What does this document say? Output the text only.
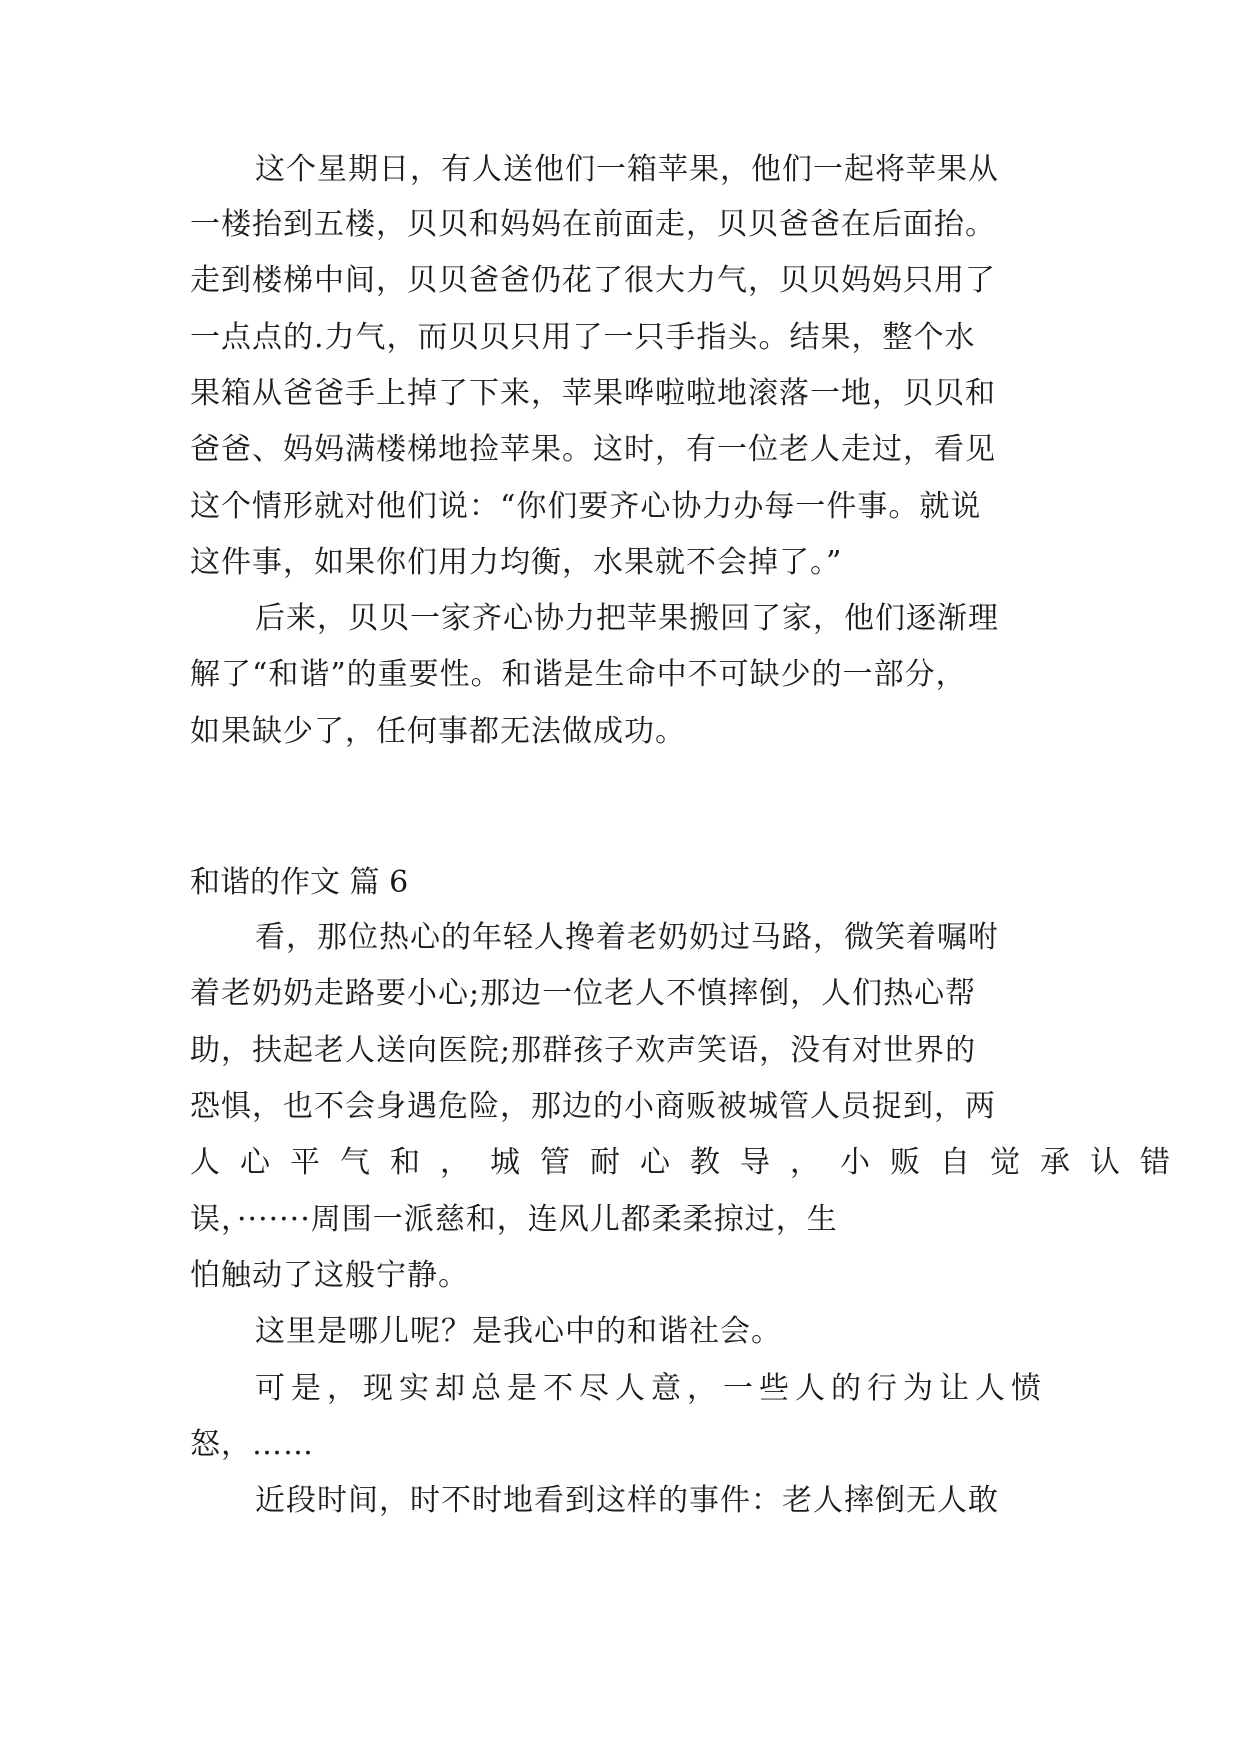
这个星期日，有人送他们一箱苹果，他们一起将苹果从

一楼抬到五楼，贝贝和妈妈在前面走，贝贝爸爸在后面抬。

走到楼梯中间，贝贝爸爸仍花了很大力气，贝贝妈妈只用了

一点点的.力气，而贝贝只用了一只手指头。结果，整个水

果箱从爸爸手上掉了下来，苹果哗啦啦地滚落一地，贝贝和

爸爸、妈妈满楼梯地捡苹果。这时，有一位老人走过，看见

这个情形就对他们说：“你们要齐心协力办每一件事。就说

这件事，如果你们用力均衡，水果就不会掉了。”

后来，贝贝一家齐心协力把苹果搬回了家，他们逐渐理

解了“和谐”的重要性。和谐是生命中不可缺少的一部分，

如果缺少了，任何事都无法做成功。

和谐的作文 篇 6

看，那位热心的年轻人搀着老奶奶过马路，微笑着嘱咐

着老奶奶走路要小心;那边一位老人不慎摔倒，人们热心帮

助，扶起老人送向医院;那群孩子欢声笑语，没有对世界的

恐惧，也不会身遇危险，那边的小商贩被城管人员捉到，两

人心平气和，城管耐心教导，小贩自觉承认错

误，·······周围一派慈和，连风儿都柔柔掠过，生

怕触动了这般宁静。

这里是哪儿呢？是我心中的和谐社会。

可是，现实却总是不尽人意，一些人的行为让人愤

怒，……

近段时间，时不时地看到这样的事件：老人摔倒无人敢
